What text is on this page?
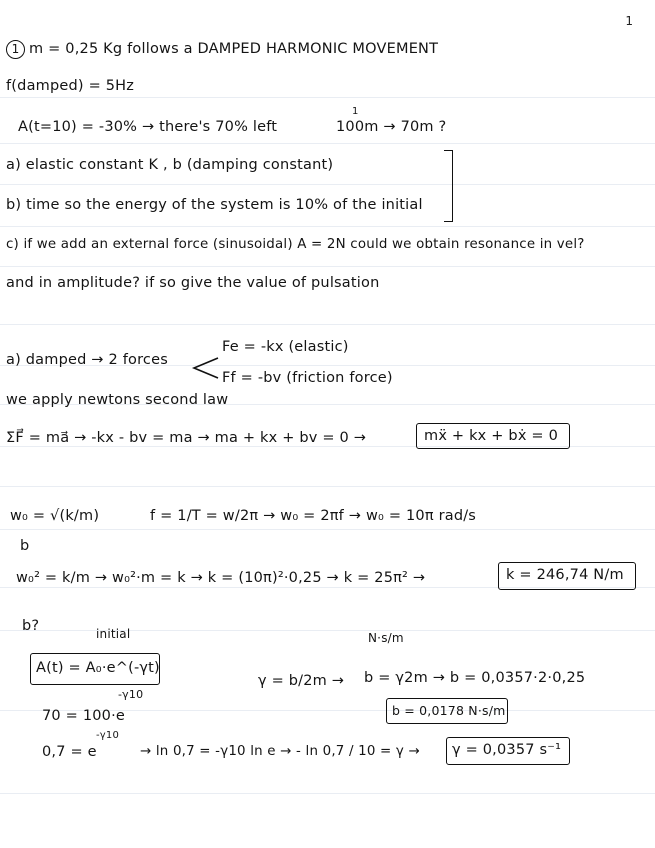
1
1 m = 0,25 Kg follows a DAMPED HARMONIC MOVEMENT
f(damped) = 5Hz
A(t=10) = -30% → there's 70% left
1
100m → 70m ?
a) elastic constant K , b (damping constant)
b) time so the energy of the system is 10% of the initial
c) if we add an external force (sinusoidal) A = 2N could we obtain resonance in vel?
and in amplitude? if so give the value of pulsation
a) damped → 2 forces
Fe = -kx (elastic)
Ff = -bv (friction force)
we apply newtons second law
ΣF⃗ = ma⃗ → -kx - bv = ma → ma + kx + bv = 0 →	mẍ + kx + bẋ = 0
w₀ = √(k/m)	f = 1/T = w/2π → w₀ = 2πf → w₀ = 10π rad/s
b
w₀² = k/m → w₀²·m = k → k = (10π)²·0,25 → k = 25π² →	k = 246,74 N/m
b?	initial	N·s/m
A(t) = A₀·e^(-γt)
γ = b/2m → b = γ2m → b = 0,0357·2·0,25
-γ10
b = 0,0178 N·s/m
70 = 100·e
-γ10
0,7 = e	→ ln 0,7 = -γ10 ln e → - ln 0,7 / 10 = γ → γ = 0,0357 s⁻¹
